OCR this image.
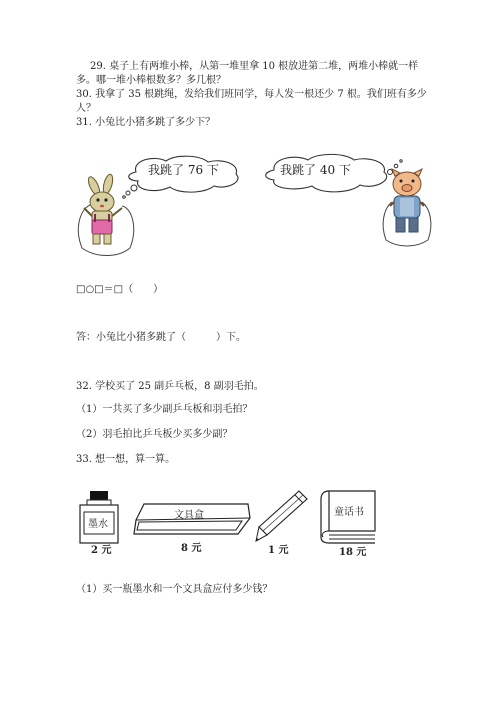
29. 桌子上有两堆小棒，从第一堆里拿 10 根放进第二堆，两堆小棒就一样
多。哪一堆小棒根数多？多几根？
30. 我拿了 35 根跳绳，发给我们班同学，每人发一根还少 7 根。我们班有多少
人？
31. 小兔比小猪多跳了多少下？
我跳了 76 下	我跳了 40 下
□○□＝□（　　）
答：小兔比小猪多跳了（　　　）下。
32. 学校买了 25 副乒乓板，8 副羽毛拍。
（1）一共买了多少副乒乓板和羽毛拍？
（2）羽毛拍比乒乓板少买多少副？
33. 想一想，算一算。
墨水
2 元
文具盒
8 元	1 元
童话书
18 元
（1）买一瓶墨水和一个文具盒应付多少钱？
